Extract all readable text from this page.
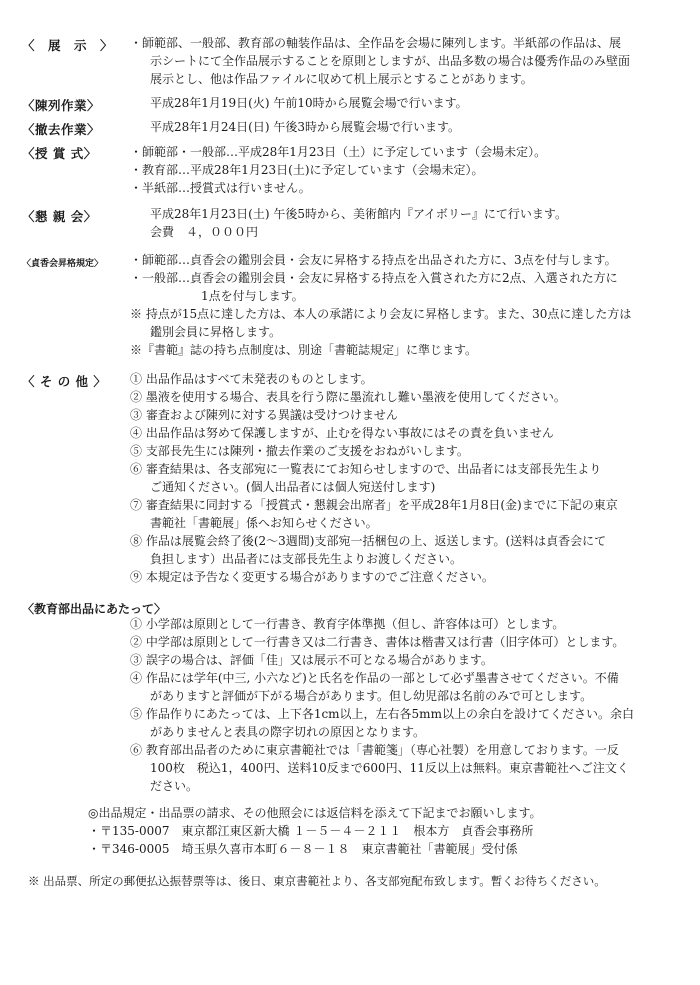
〈　展　示　〉 ・師範部、一般部、教育部の軸装作品は、全作品を会場に陳列します。半紙部の作品は、展
示シートにて全作品展示することを原則としますが、出品多数の場合は優秀作品のみ壁面
展示とし、他は作品ファイルに収めて机上展示とすることがあります。
〈陳列作業〉	平成28年1月19日(火) 午前10時から展覧会場で行います。
〈撤去作業〉	平成28年1月24日(日) 午後3時から展覧会場で行います。
〈授 賞 式〉	・師範部・一般部…平成28年1月23日（土）に予定しています（会場未定）。
・教育部…平成28年1月23日(土)に予定しています（会場未定）。
・半紙部…授賞式は行いません。
〈懇 親 会〉	平成28年1月23日(土) 午後5時から、美術館内『アイボリー』にて行います。
会費　４，０００円
〈貞香会昇格規定〉 ・師範部…貞香会の鑑別会員・会友に昇格する持点を出品された方に、3点を付与します。
・一般部…貞香会の鑑別会員・会友に昇格する持点を入賞された方に2点、入選された方に
1点を付与します。
※ 持点が15点に達した方は、本人の承諾により会友に昇格します。また、30点に達した方は
鑑別会員に昇格します。
※『書範』誌の持ち点制度は、別途「書範誌規定」に準じます。
〈 そ の 他 〉 ① 出品作品はすべて未発表のものとします。
② 墨液を使用する場合、表具を行う際に墨流れし難い墨液を使用してください。
③ 審査および陳列に対する異議は受けつけません
④ 出品作品は努めて保護しますが、止むを得ない事故にはその責を負いません
⑤ 支部長先生には陳列・撤去作業のご支援をおねがいします。
⑥ 審査結果は、各支部宛に一覧表にてお知らせしますので、出品者には支部長先生より
ご通知ください。(個人出品者には個人宛送付します)
⑦ 審査結果に同封する「授賞式・懇親会出席者」を平成28年1月8日(金)までに下記の東京
書範社「書範展」係へお知らせください。
⑧ 作品は展覧会終了後(2～3週間)支部宛一括梱包の上、返送します。(送料は貞香会にて
負担します）出品者には支部長先生よりお渡しください。
⑨ 本規定は予告なく変更する場合がありますのでご注意ください。
〈教育部出品にあたって〉
① 小学部は原則として一行書き、教育字体準拠（但し、許容体は可）とします。
② 中学部は原則として一行書き又は二行書き、書体は楷書又は行書（旧字体可）とします。
③ 誤字の場合は、評価「佳」又は展示不可となる場合があります。
④ 作品には学年(中三, 小六など)と氏名を作品の一部として必ず墨書させてください。不備
がありますと評価が下がる場合があります。但し幼児部は名前のみで可とします。
⑤ 作品作りにあたっては、上下各1cm以上，左右各5mm以上の余白を設けてください。余白
がありませんと表具の際字切れの原因となります。
⑥ 教育部出品者のために東京書範社では「書範箋」（専心社製）を用意しております。一反
100枚　税込1，400円、送料10反まで600円、11反以上は無料。東京書範社へご注文く
ださい。
◎出品規定・出品票の請求、その他照会には返信料を添えて下記までお願いします。
・〒135-0007　東京都江東区新大橋 １－５－４－２１１　根本方　貞香会事務所
・〒346-0005　埼玉県久喜市本町６－８－１８　東京書範社「書範展」受付係
※ 出品票、所定の郵便払込振替票等は、後日、東京書範社より、各支部宛配布致します。暫くお待ちください。
